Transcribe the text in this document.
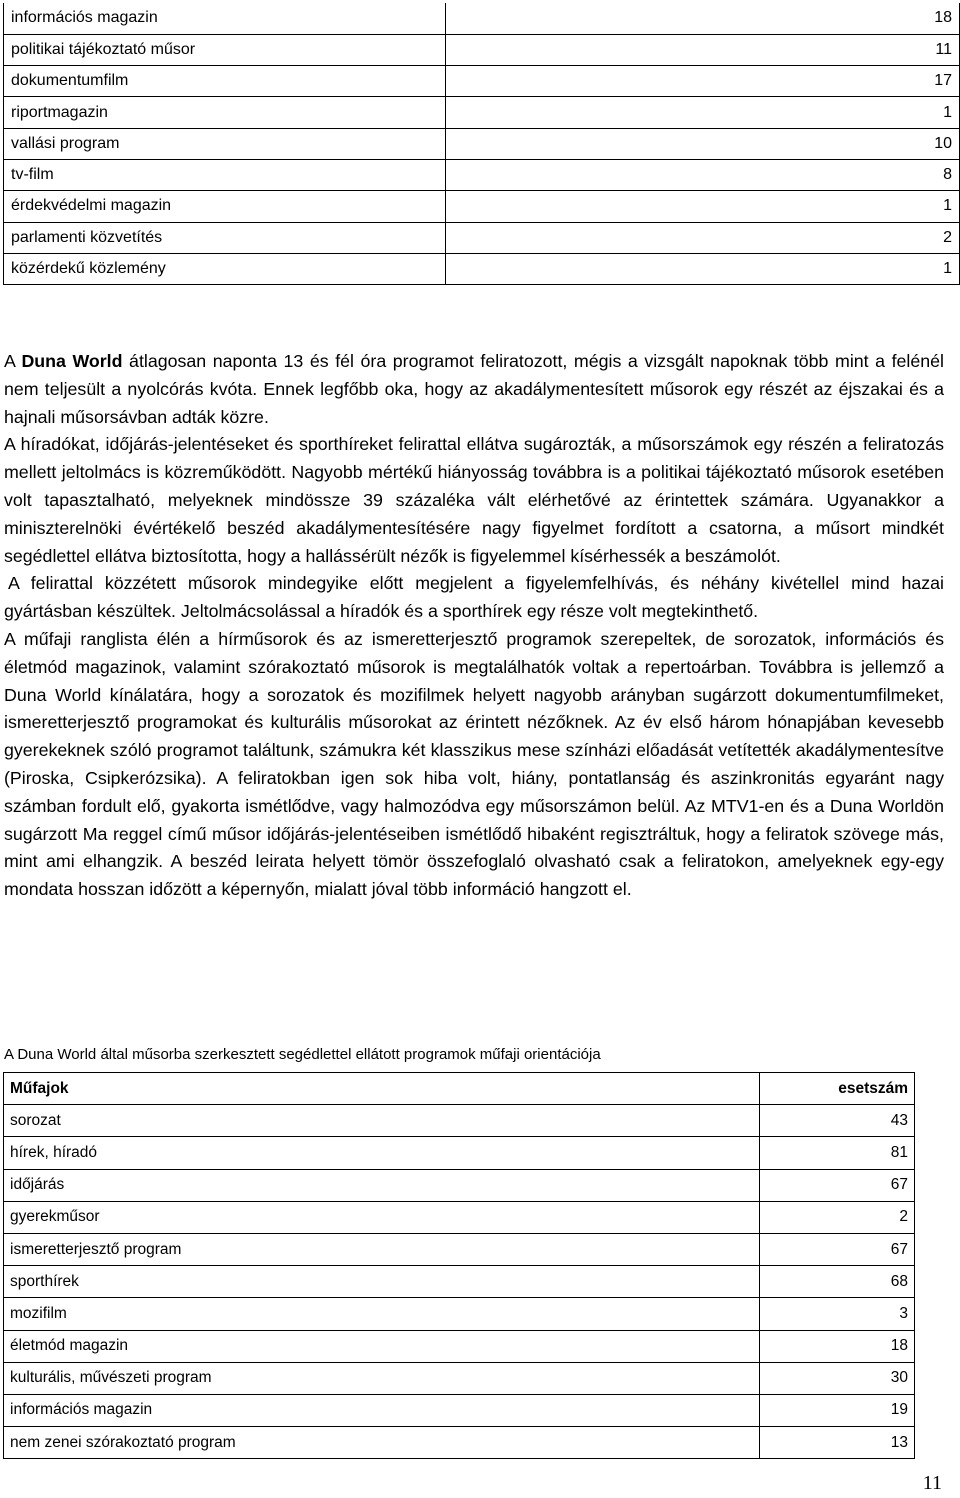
információs magazin	18
politikai tájékoztató műsor	11
dokumentumfilm	17
riportmagazin	1
vallási program	10
tv-film	8
érdekvédelmi magazin	1
parlamenti közvetítés	2
közérdekű közlemény	1

A Duna World átlagosan naponta 13 és fél óra programot feliratozott, mégis a vizsgált napoknak több mint a felénél nem teljesült a nyolcórás kvóta. Ennek legfőbb oka, hogy az akadálymentesített műsorok egy részét az éjszakai és a hajnali műsorsávban adták közre.

A híradókat, időjárás-jelentéseket és sporthíreket felirattal ellátva sugározták, a műsorszámok egy részén a feliratozás mellett jeltolmács is közreműködött. Nagyobb mértékű hiányosság továbbra is a politikai tájékoztató műsorok esetében volt tapasztalható, melyeknek mindössze 39 százaléka vált elérhetővé az érintettek számára. Ugyanakkor a miniszterelnöki évértékelő beszéd akadálymentesítésére nagy figyelmet fordított a csatorna, a műsort mindkét segédlettel ellátva biztosította, hogy a hallássérült nézők is figyelemmel kísérhessék a beszámolót.

A felirattal közzétett műsorok mindegyike előtt megjelent a figyelemfelhívás, és néhány kivétellel mind hazai gyártásban készültek. Jeltolmácsolással a híradók és a sporthírek egy része volt megtekinthető.

A műfaji ranglista élén a hírműsorok és az ismeretterjesztő programok szerepeltek, de sorozatok, információs és életmód magazinok, valamint szórakoztató műsorok is megtalálhatók voltak a repertoárban. Továbbra is jellemző a Duna World kínálatára, hogy a sorozatok és mozifilmek helyett nagyobb arányban sugárzott dokumentumfilmeket, ismeretterjesztő programokat és kulturális műsorokat az érintett nézőknek. Az év első három hónapjában kevesebb gyerekeknek szóló programot találtunk, számukra két klasszikus mese színházi előadását vetítették akadálymentesítve (Piroska, Csipkerózsika). A feliratokban igen sok hiba volt, hiány, pontatlanság és aszinkronitás egyaránt nagy számban fordult elő, gyakorta ismétlődve, vagy halmozódva egy műsorszámon belül. Az MTV1-en és a Duna Worldön sugárzott Ma reggel című műsor időjárás-jelentéseiben ismétlődő hibaként regisztráltuk, hogy a feliratok szövege más, mint ami elhangzik. A beszéd leirata helyett tömör összefoglaló olvasható csak a feliratokon, amelyeknek egy-egy mondata hosszan időzött a képernyőn, mialatt jóval több információ hangzott el.

A Duna World által műsorba szerkesztett segédlettel ellátott programok műfaji orientációja
Műfajok	esetszám
sorozat	43
hírek, híradó	81
időjárás	67
gyerekműsor	2
ismeretterjesztő program	67
sporthírek	68
mozifilm	3
életmód magazin	18
kulturális, művészeti program	30
információs magazin	19
nem zenei szórakoztató program	13
11
